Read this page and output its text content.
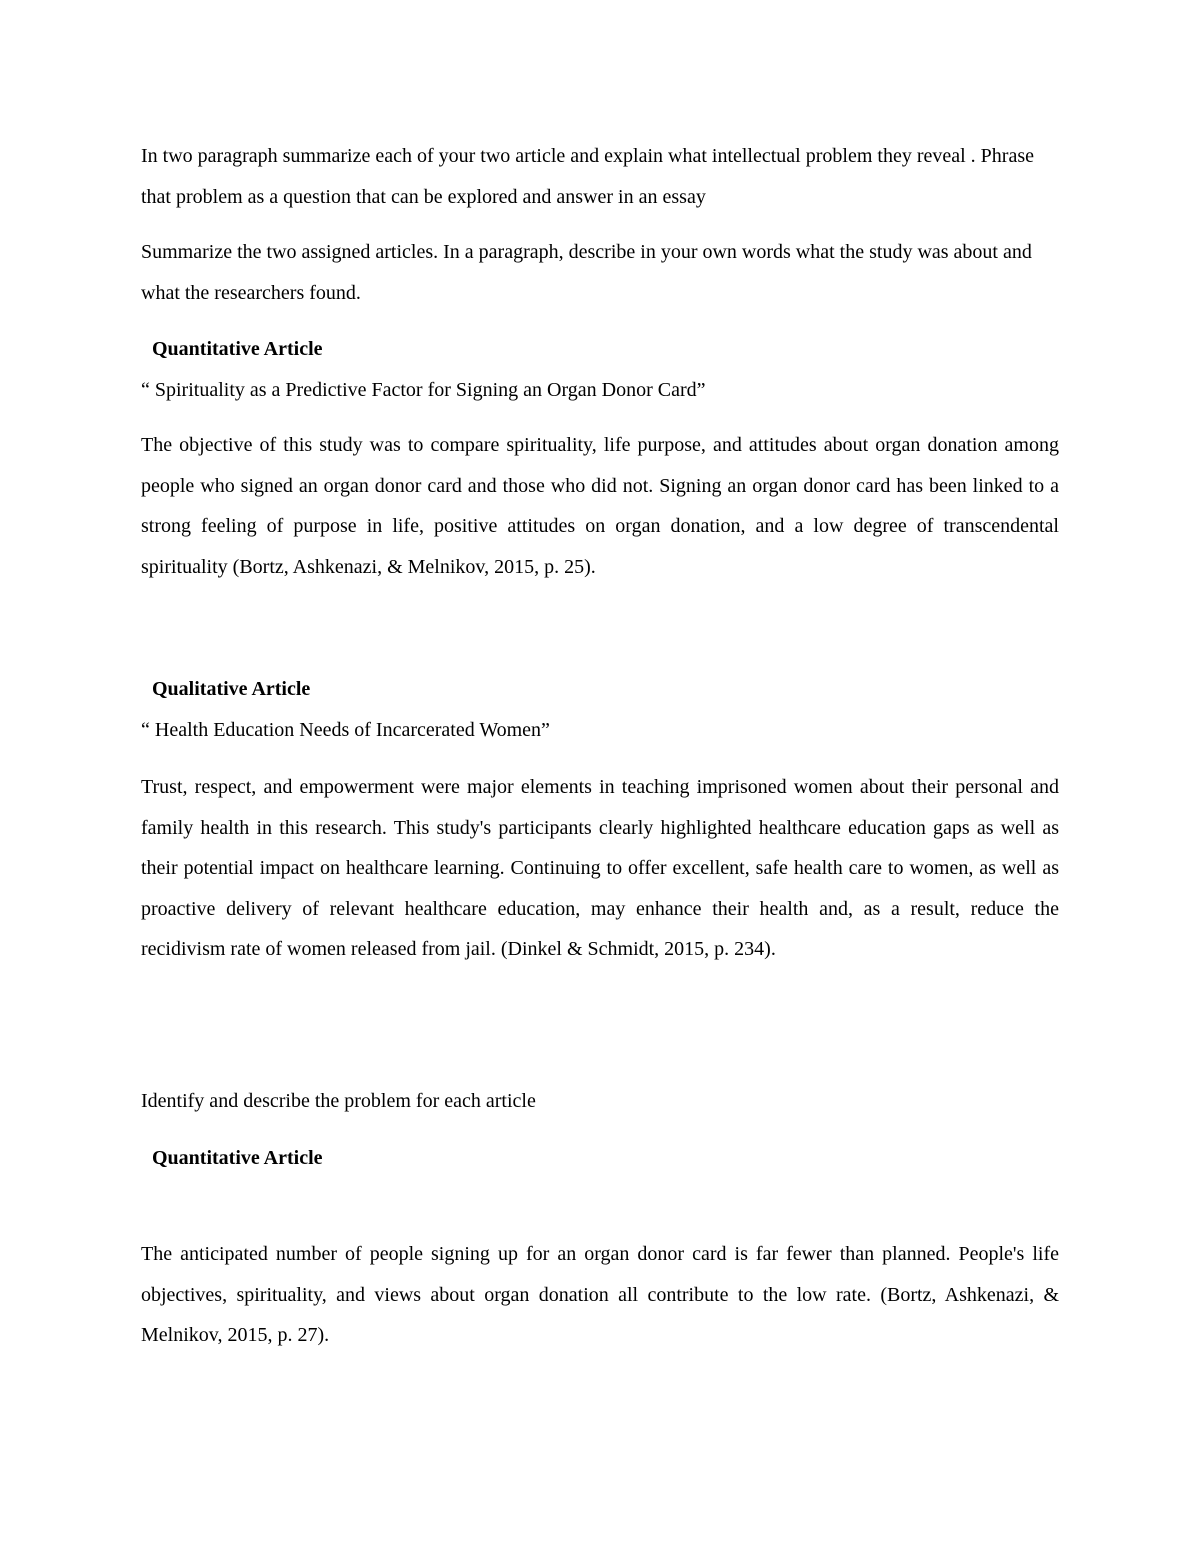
In two paragraph summarize each of your two article and explain what intellectual problem they reveal . Phrase that problem as a question that can be explored and answer in an essay

Summarize the two assigned articles. In a paragraph, describe in your own words what the study was about and what the researchers found.

Quantitative Article

“ Spirituality as a Predictive Factor for Signing an Organ Donor Card”

The objective of this study was to compare spirituality, life purpose, and attitudes about organ donation among people who signed an organ donor card and those who did not. Signing an organ donor card has been linked to a strong feeling of purpose in life, positive attitudes on organ donation, and a low degree of transcendental spirituality (Bortz, Ashkenazi, & Melnikov, 2015, p. 25).

Qualitative Article

“ Health Education Needs of Incarcerated Women”

Trust, respect, and empowerment were major elements in teaching imprisoned women about their personal and family health in this research. This study's participants clearly highlighted healthcare education gaps as well as their potential impact on healthcare learning. Continuing to offer excellent, safe health care to women, as well as proactive delivery of relevant healthcare education, may enhance their health and, as a result, reduce the recidivism rate of women released from jail. (Dinkel & Schmidt, 2015, p. 234).

Identify and describe the problem for each article

Quantitative Article

The anticipated number of people signing up for an organ donor card is far fewer than planned. People's life objectives, spirituality, and views about organ donation all contribute to the low rate. (Bortz, Ashkenazi, & Melnikov, 2015, p. 27).
